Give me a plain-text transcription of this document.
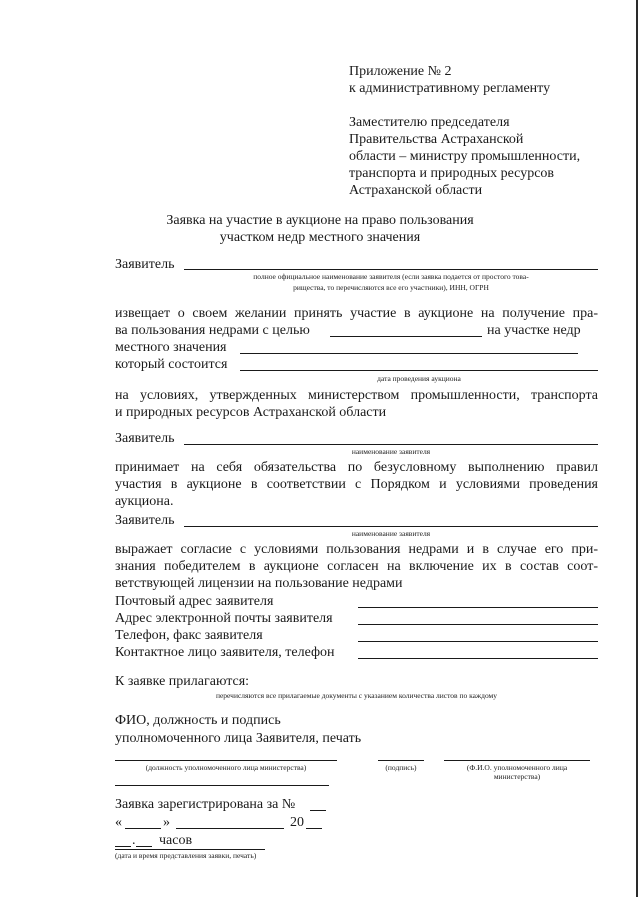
Приложение № 2
к административному регламенту
Заместителю председателя
Правительства Астраханской
области – министру промышленности,
транспорта и природных ресурсов
Астраханской области
Заявка на участие в аукционе на право пользования
участком недр местного значения
Заявитель
полное официальное наименование заявителя (если заявка подается от простого това-
рищества, то перечисляются все его участники), ИНН, ОГРН
извещает о своем желании принять участие в аукционе на получение пра-
ва пользования недрами с целью	на участке недр
местного значения
который состоится
дата проведения аукциона
на условиях, утвержденных министерством промышленности, транспорта
и природных ресурсов Астраханской области
Заявитель
наименование заявителя
принимает на себя обязательства по безусловному выполнению правил
участия в аукционе в соответствии с Порядком и условиями проведения
аукциона.
Заявитель
наименование заявителя
выражает согласие с условиями пользования недрами и в случае его при-
знания победителем в аукционе согласен на включение их в состав соот-
ветствующей лицензии на пользование недрами
Почтовый адрес заявителя
Адрес электронной почты заявителя
Телефон, факс заявителя
Контактное лицо заявителя, телефон
К заявке прилагаются:
перечисляются все прилагаемые документы с указанием количества листов по каждому
ФИО, должность и подпись
уполномоченного лица Заявителя, печать
(должность уполномоченного лица министерства)	(подпись)	(Ф.И.О. уполномоченного лица
министерства)
Заявка зарегистрирована за №
«	»	20
. часов
(дата и время представления заявки, печать)
